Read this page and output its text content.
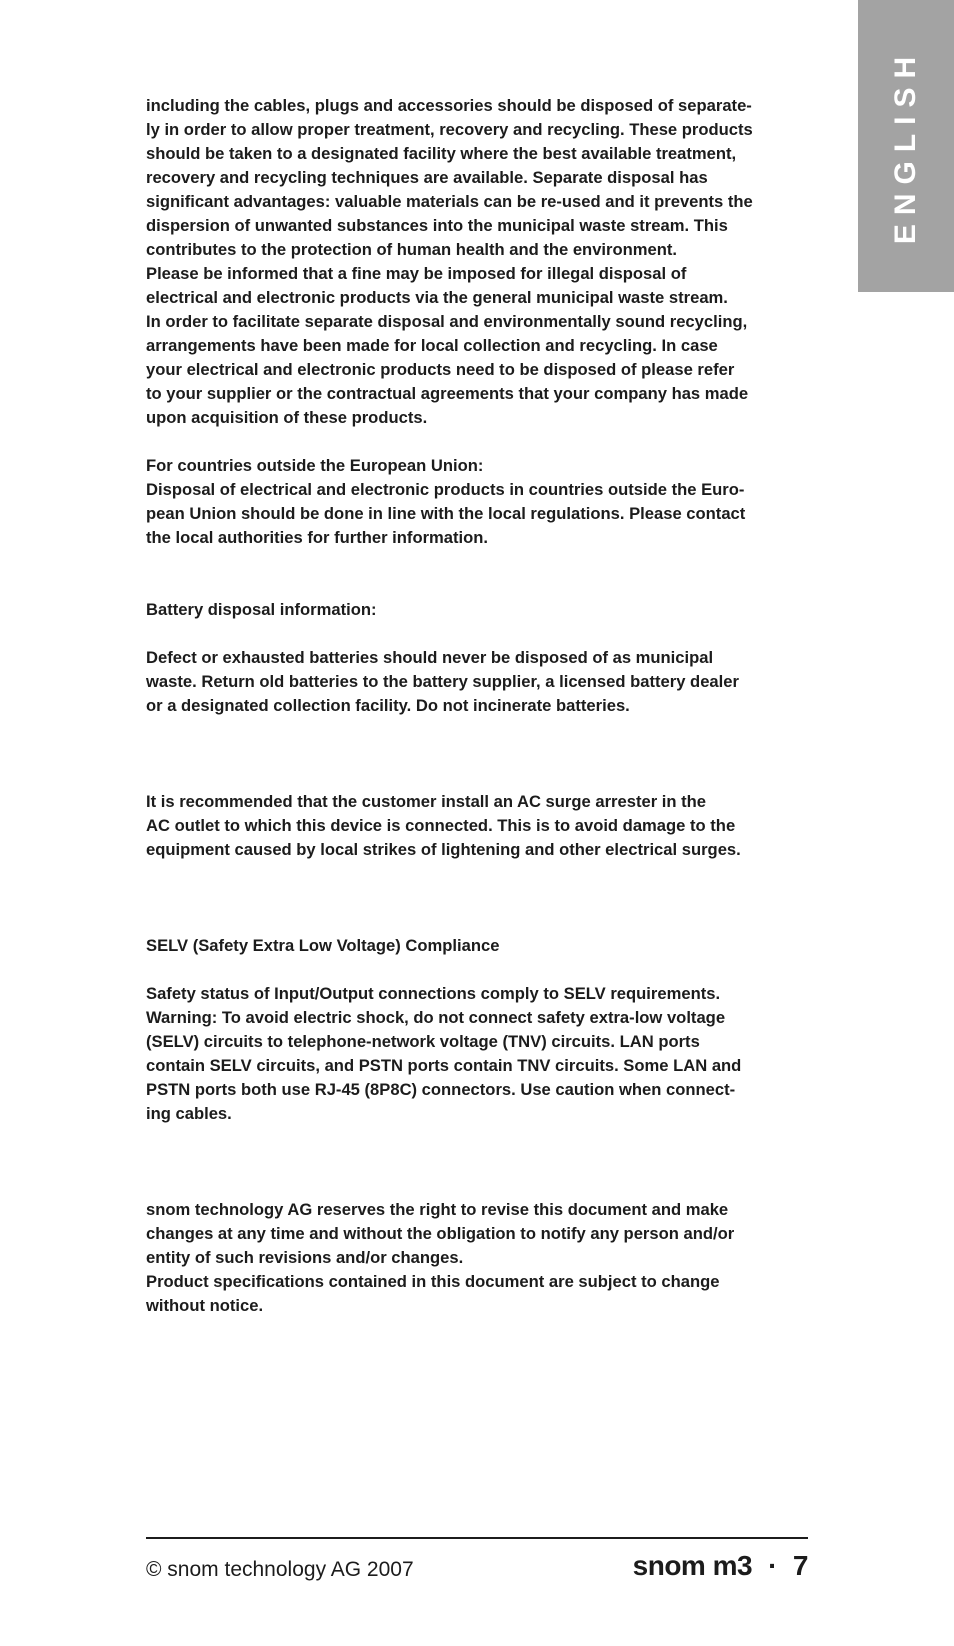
ENGLISH

including the cables, plugs and accessories should be disposed of separate-
ly in order to allow proper treatment, recovery and recycling. These products
should be taken to a designated facility where the best available treatment,
recovery and recycling techniques are available. Separate disposal has
significant advantages: valuable materials can be re-used and it prevents the
dispersion of unwanted substances into the municipal waste stream. This
contributes to the protection of human health and the environment.
Please be informed that a fine may be imposed for illegal disposal of
electrical and electronic products via the general municipal waste stream.
In order to facilitate separate disposal and environmentally sound recycling,
arrangements have been made for local collection and recycling. In case
your electrical and electronic products need to be disposed of please refer
to your supplier or the contractual agreements that your company has made
upon acquisition of these products.

For countries outside the European Union:
Disposal of electrical and electronic products in countries outside the Euro-
pean Union should be done in line with the local regulations. Please contact
the local authorities for further information.

Battery disposal information:

Defect or exhausted batteries should never be disposed of as municipal
waste. Return old batteries to the battery supplier, a licensed battery dealer
or a designated collection facility. Do not incinerate batteries.

It is recommended that the customer install an AC surge arrester in the
AC outlet to which this device is connected. This is to avoid damage to the
equipment caused by local strikes of lightening and other electrical surges.

SELV (Safety Extra Low Voltage) Compliance

Safety status of Input/Output connections comply to SELV requirements.
Warning: To avoid electric shock, do not connect safety extra-low voltage
(SELV) circuits to telephone-network voltage (TNV) circuits. LAN ports
contain SELV circuits, and PSTN ports contain TNV circuits. Some LAN and
PSTN ports both use RJ-45 (8P8C) connectors. Use caution when connect-
ing cables.

snom technology AG reserves the right to revise this document and make
changes at any time and without the obligation to notify any person and/or
entity of such revisions and/or changes.
Product specifications contained in this document are subject to change
without notice.

© snom technology AG 2007	snom m3 · 7
